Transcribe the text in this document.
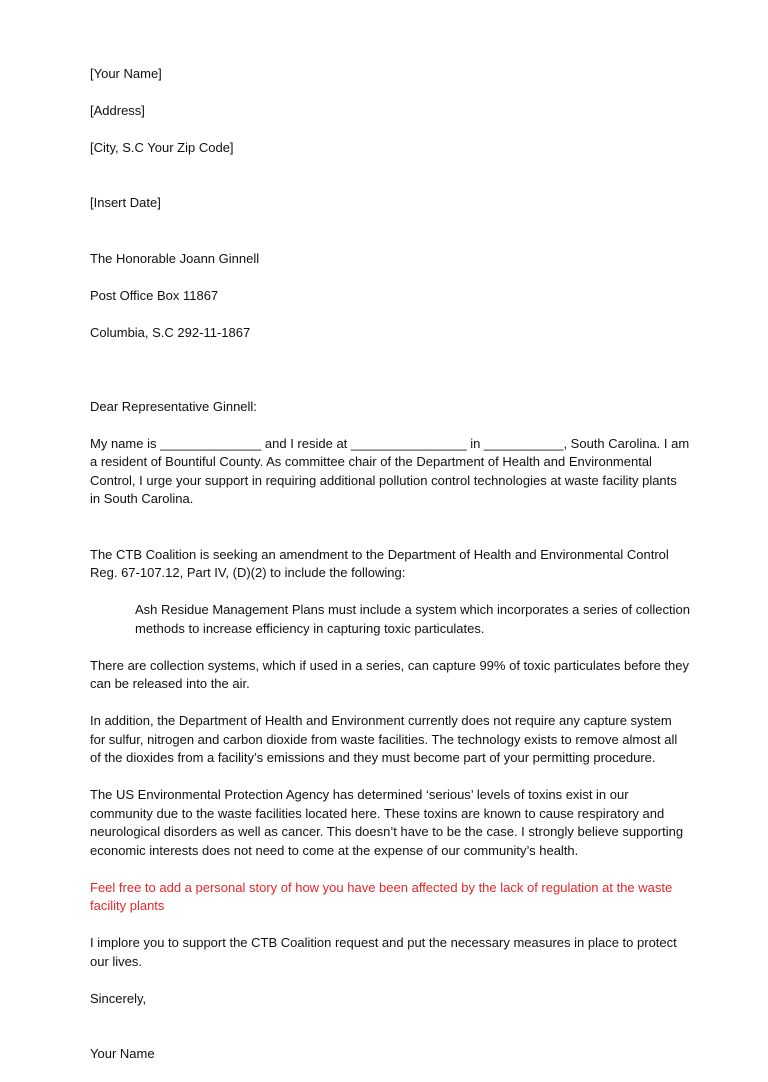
[Your Name]

[Address]

[City, S.C Your Zip Code]

[Insert Date]

The Honorable Joann Ginnell

Post Office Box 11867

Columbia, S.C 292-11-1867

Dear Representative Ginnell:

My name is ______________ and I reside at ________________ in ___________, South Carolina. I am a resident of Bountiful County. As committee chair of the Department of Health and Environmental Control, I urge your support in requiring additional pollution control technologies at waste facility plants in South Carolina.

The CTB Coalition is seeking an amendment to the Department of Health and Environmental Control Reg. 67-107.12, Part IV, (D)(2) to include the following:
Ash Residue Management Plans must include a system which incorporates a series of collection methods to increase efficiency in capturing toxic particulates.
There are collection systems, which if used in a series, can capture 99% of toxic particulates before they can be released into the air.
In addition, the Department of Health and Environment currently does not require any capture system for sulfur, nitrogen and carbon dioxide from waste facilities. The technology exists to remove almost all of the dioxides from a facility’s emissions and they must become part of your permitting procedure.
The US Environmental Protection Agency has determined ‘serious’ levels of toxins exist in our community due to the waste facilities located here. These toxins are known to cause respiratory and neurological disorders as well as cancer. This doesn’t have to be the case. I strongly believe supporting economic interests does not need to come at the expense of our community’s health.
Feel free to add a personal story of how you have been affected by the lack of regulation at the waste facility plants
I implore you to support the CTB Coalition request and put the necessary measures in place to protect our lives.
Sincerely,
Your Name
